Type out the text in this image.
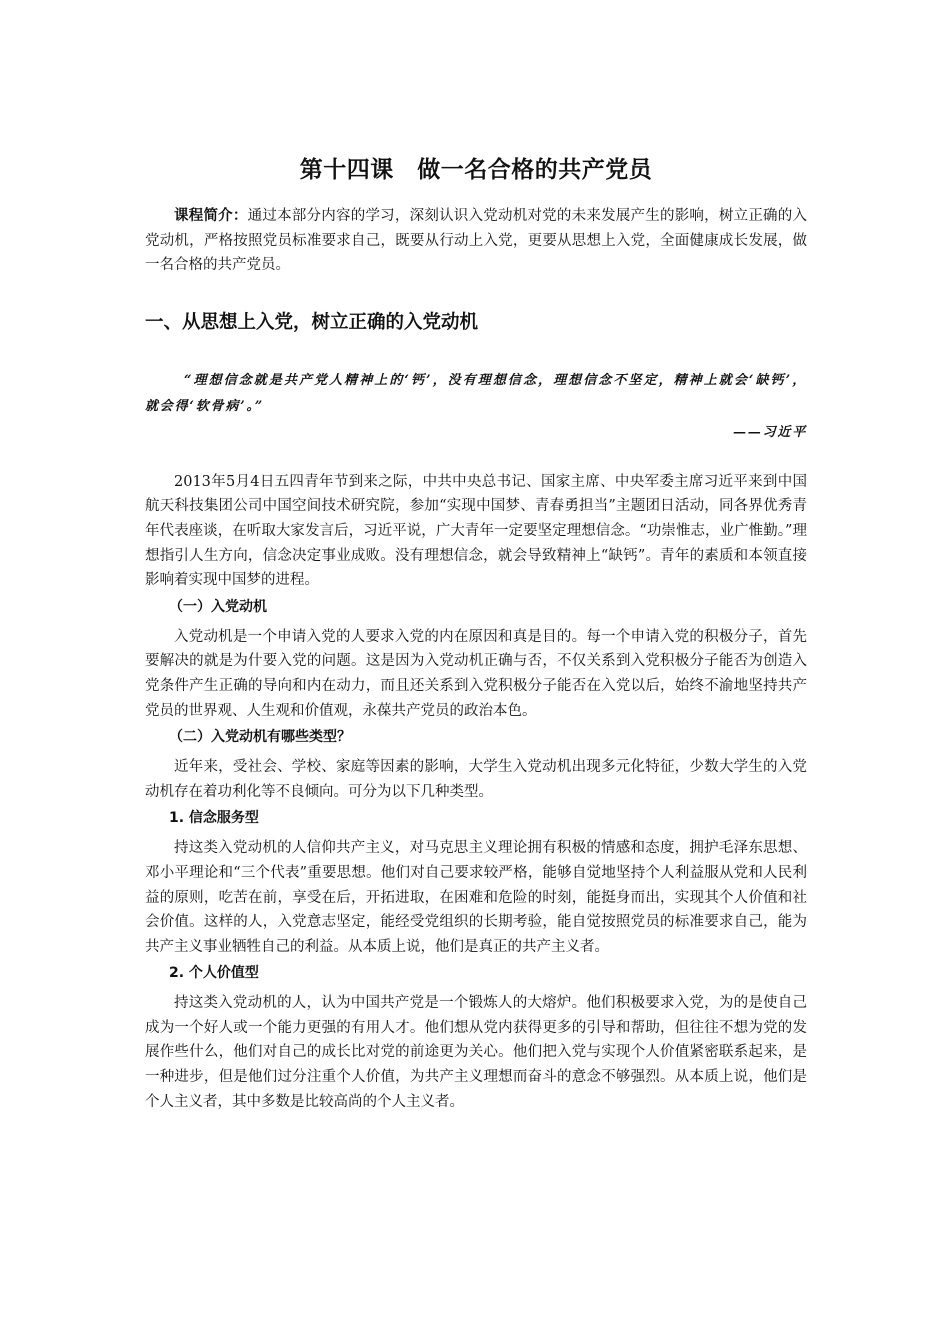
第十四课　做一名合格的共产党员

课程简介：通过本部分内容的学习，深刻认识入党动机对党的未来发展产生的影响，树立正确的入党动机，严格按照党员标准要求自己，既要从行动上入党，更要从思想上入党，全面健康成长发展，做一名合格的共产党员。

一、从思想上入党，树立正确的入党动机

“理想信念就是共产党人精神上的‘钙’，没有理想信念，理想信念不坚定，精神上就会‘缺钙’，就会得‘软骨病’。”

——习近平

2013年5月4日五四青年节到来之际，中共中央总书记、国家主席、中央军委主席习近平来到中国航天科技集团公司中国空间技术研究院，参加“实现中国梦、青春勇担当”主题团日活动，同各界优秀青年代表座谈，在听取大家发言后，习近平说，广大青年一定要坚定理想信念。“功崇惟志，业广惟勤。”理想指引人生方向，信念决定事业成败。没有理想信念，就会导致精神上“缺钙”。青年的素质和本领直接影响着实现中国梦的进程。

（一）入党动机

入党动机是一个申请入党的人要求入党的内在原因和真是目的。每一个申请入党的积极分子，首先要解决的就是为什要入党的问题。这是因为入党动机正确与否，不仅关系到入党积极分子能否为创造入党条件产生正确的导向和内在动力，而且还关系到入党积极分子能否在入党以后，始终不渝地坚持共产党员的世界观、人生观和价值观，永葆共产党员的政治本色。

（二）入党动机有哪些类型？

近年来，受社会、学校、家庭等因素的影响，大学生入党动机出现多元化特征，少数大学生的入党动机存在着功利化等不良倾向。可分为以下几种类型。

1. 信念服务型

持这类入党动机的人信仰共产主义，对马克思主义理论拥有积极的情感和态度，拥护毛泽东思想、邓小平理论和“三个代表”重要思想。他们对自己要求较严格，能够自觉地坚持个人利益服从党和人民利益的原则，吃苦在前，享受在后，开拓进取，在困难和危险的时刻，能挺身而出，实现其个人价值和社会价值。这样的人，入党意志坚定，能经受党组织的长期考验，能自觉按照党员的标准要求自己，能为共产主义事业牺牲自己的利益。从本质上说，他们是真正的共产主义者。

2. 个人价值型

持这类入党动机的人，认为中国共产党是一个锻炼人的大熔炉。他们积极要求入党，为的是使自己成为一个好人或一个能力更强的有用人才。他们想从党内获得更多的引导和帮助，但往往不想为党的发展作些什么，他们对自己的成长比对党的前途更为关心。他们把入党与实现个人价值紧密联系起来，是一种进步，但是他们过分注重个人价值，为共产主义理想而奋斗的意念不够强烈。从本质上说，他们是个人主义者，其中多数是比较高尚的个人主义者。
